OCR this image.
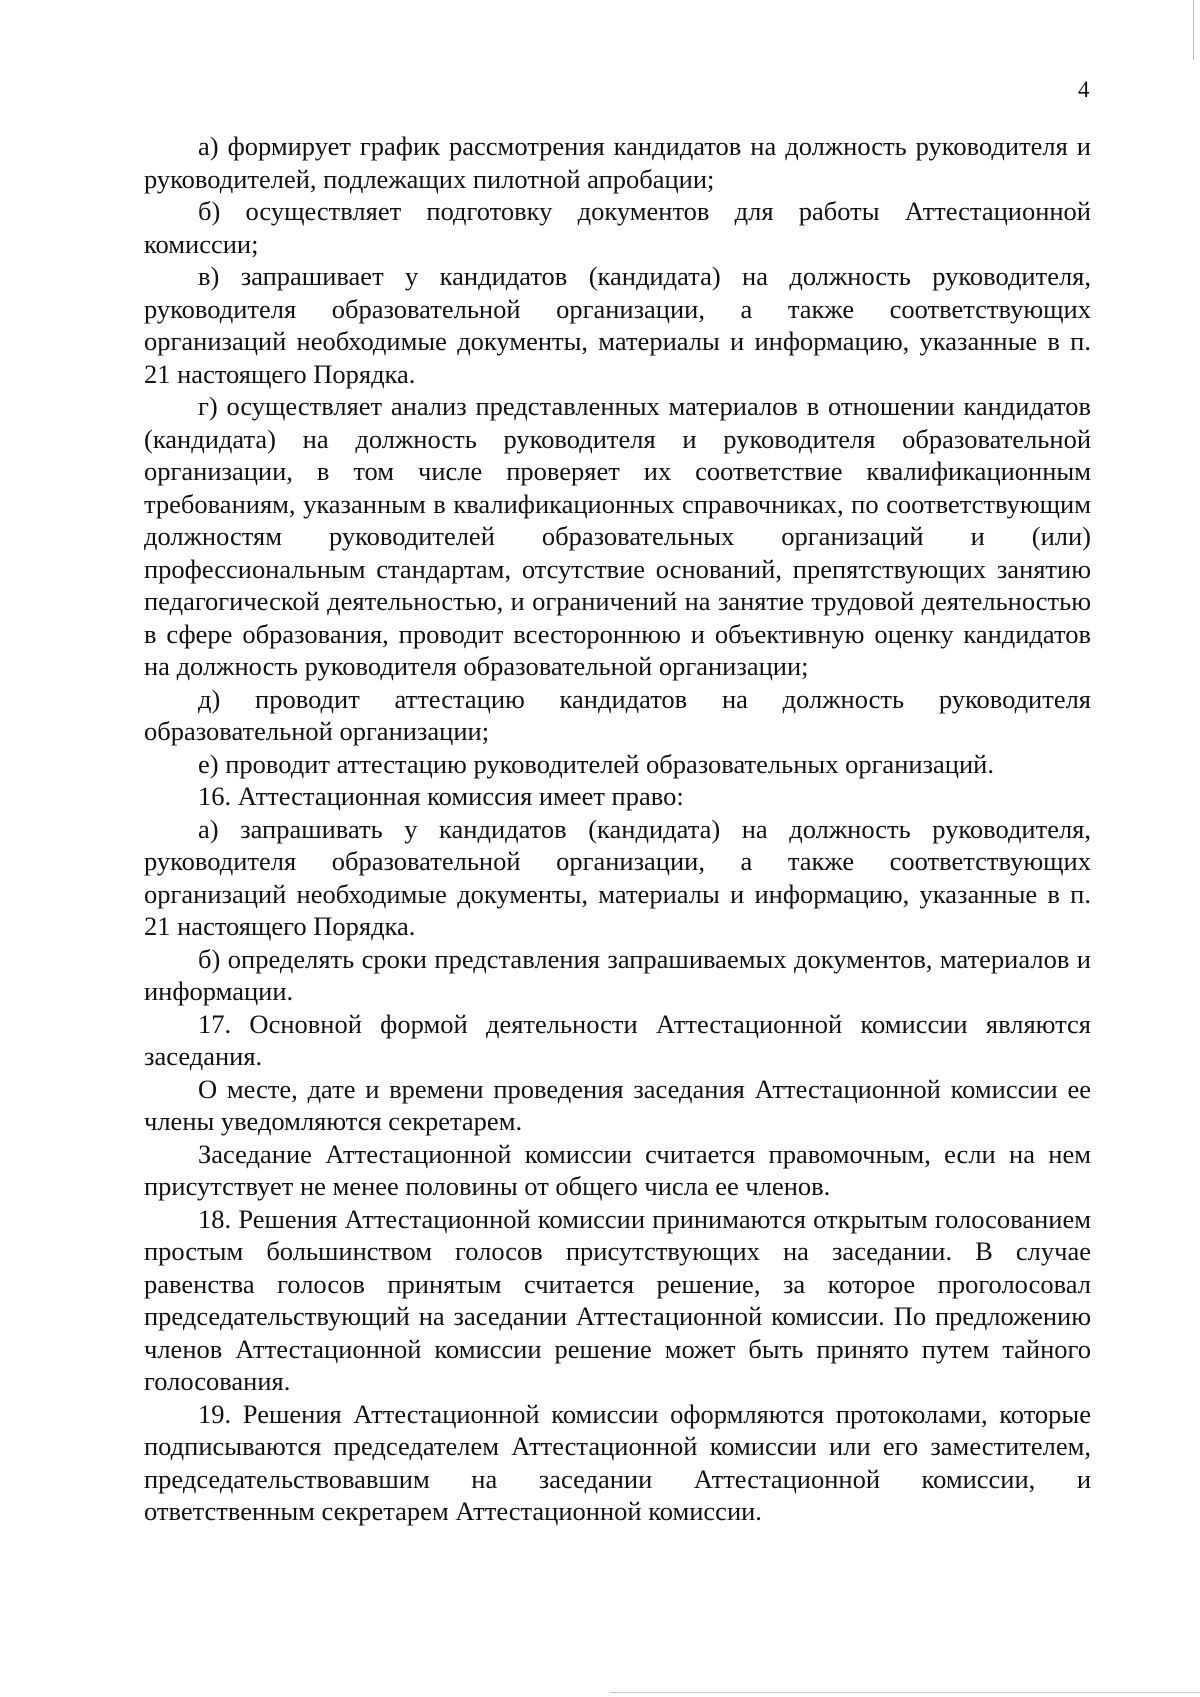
4

а) формирует график рассмотрения кандидатов на должность руководителя и руководителей, подлежащих пилотной апробации;

б) осуществляет подготовку документов для работы Аттестационной комиссии;

в) запрашивает у кандидатов (кандидата) на должность руководителя, руководителя образовательной организации, а также соответствующих организаций необходимые документы, материалы и информацию, указанные в п. 21 настоящего Порядка.

г) осуществляет анализ представленных материалов в отношении кандидатов (кандидата) на должность руководителя и руководителя образовательной организации, в том числе проверяет их соответствие квалификационным требованиям, указанным в квалификационных справочниках, по соответствующим должностям руководителей образовательных организаций и (или) профессиональным стандартам, отсутствие оснований, препятствующих занятию педагогической деятельностью, и ограничений на занятие трудовой деятельностью в сфере образования, проводит всестороннюю и объективную оценку кандидатов на должность руководителя образовательной организации;

д) проводит аттестацию кандидатов на должность руководителя образовательной организации;

е) проводит аттестацию руководителей образовательных организаций.

16. Аттестационная комиссия имеет право:

а) запрашивать у кандидатов (кандидата) на должность руководителя, руководителя образовательной организации, а также соответствующих организаций необходимые документы, материалы и информацию, указанные в п. 21 настоящего Порядка.

б) определять сроки представления запрашиваемых документов, материалов и информации.

17. Основной формой деятельности Аттестационной комиссии являются заседания.

О месте, дате и времени проведения заседания Аттестационной комиссии ее члены уведомляются секретарем.

Заседание Аттестационной комиссии считается правомочным, если на нем присутствует не менее половины от общего числа ее членов.

18. Решения Аттестационной комиссии принимаются открытым голосованием простым большинством голосов присутствующих на заседании. В случае равенства голосов принятым считается решение, за которое проголосовал председательствующий на заседании Аттестационной комиссии. По предложению членов Аттестационной комиссии решение может быть принято путем тайного голосования.

19. Решения Аттестационной комиссии оформляются протоколами, которые подписываются председателем Аттестационной комиссии или его заместителем, председательствовавшим на заседании Аттестационной комиссии, и ответственным секретарем Аттестационной комиссии.
